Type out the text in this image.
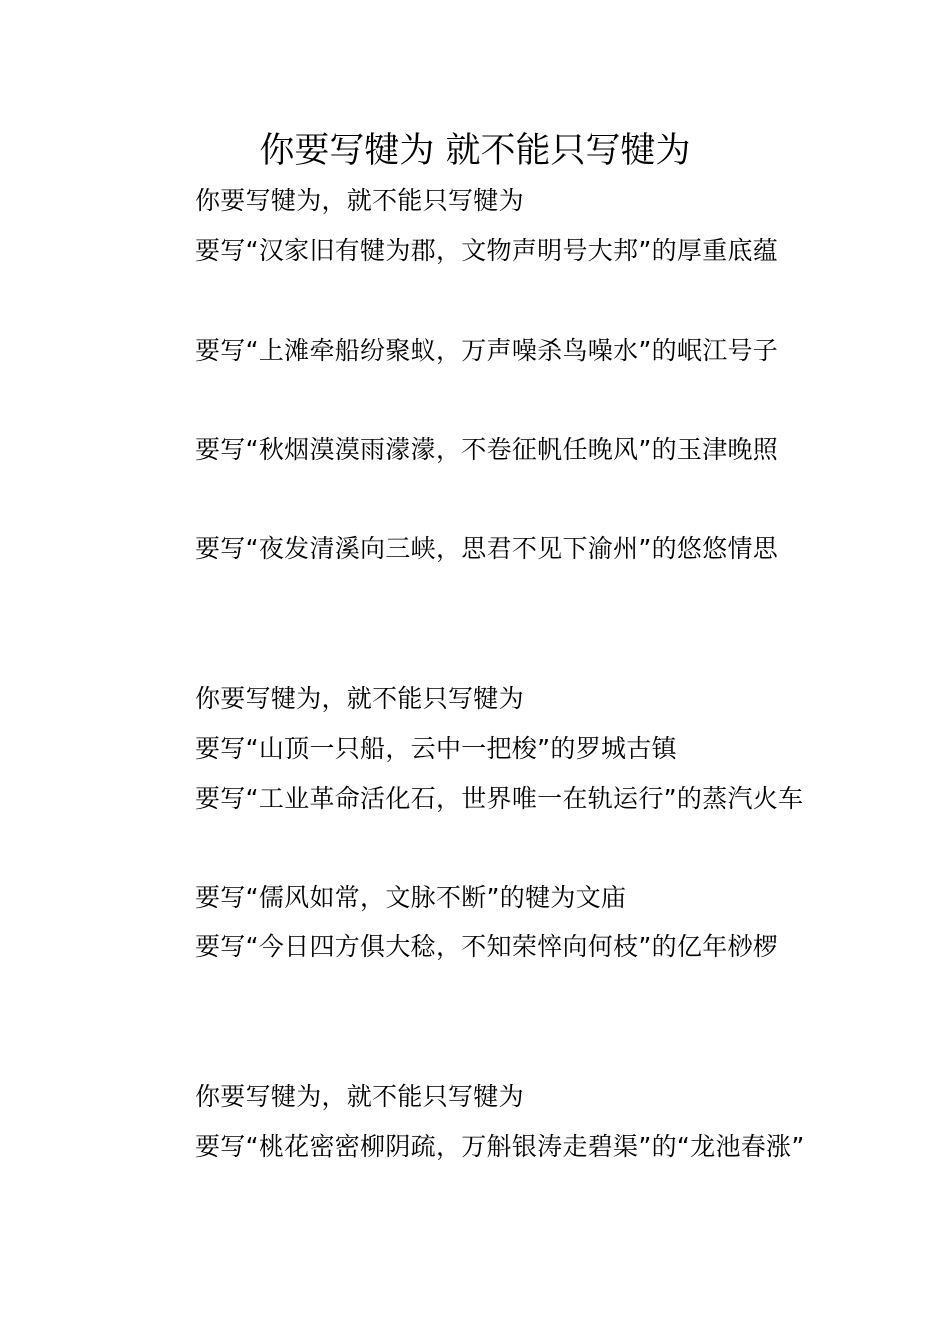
你要写犍为 就不能只写犍为

你要写犍为，就不能只写犍为

要写“汉家旧有犍为郡，文物声明号大邦”的厚重底蕴

要写“上滩牵船纷聚蚁，万声噪杀鸟噪水”的岷江号子

要写“秋烟漠漠雨濛濛，不卷征帆任晚风”的玉津晚照

要写“夜发清溪向三峡，思君不见下渝州”的悠悠情思

你要写犍为，就不能只写犍为

要写“山顶一只船，云中一把梭”的罗城古镇

要写“工业革命活化石，世界唯一在轨运行”的蒸汽火车

要写“儒风如常，文脉不断”的犍为文庙

要写“今日四方俱大稔，不知荣悴向何枝”的亿年桫椤

你要写犍为，就不能只写犍为

要写“桃花密密柳阴疏，万斛银涛走碧渠”的“龙池春涨”
